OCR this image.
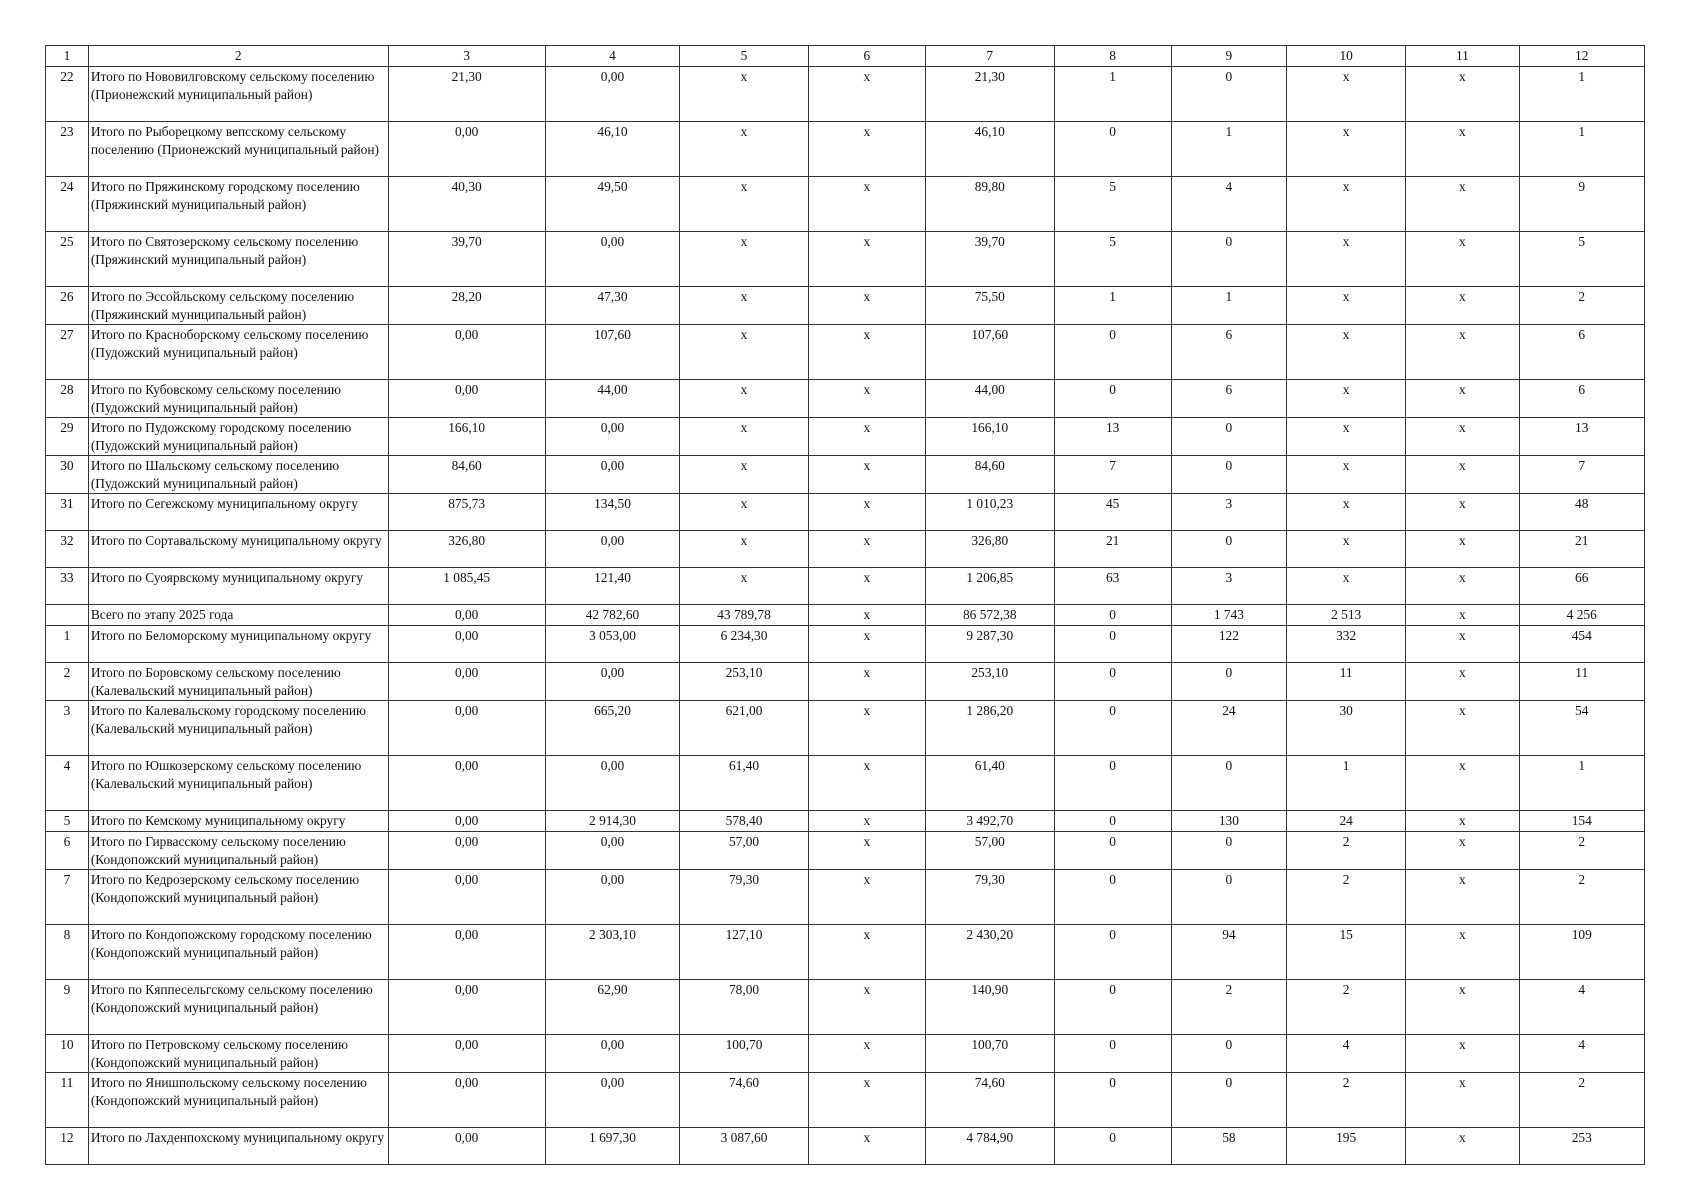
1	2	3	4	5	6	7	8	9	10	11	12
22	Итого по Нововилговскому сельскому поселению (Прионежский муниципальный район)	21,30	0,00	x	x	21,30	1	0	x	x	1
23	Итого по Рыборецкому вепсскому сельскому поселению (Прионежский муниципальный район)	0,00	46,10	x	x	46,10	0	1	x	x	1
24	Итого по Пряжинскому городскому поселению (Пряжинский муниципальный район)	40,30	49,50	x	x	89,80	5	4	x	x	9
25	Итого по Святозерскому сельскому поселению (Пряжинский муниципальный район)	39,70	0,00	x	x	39,70	5	0	x	x	5
26	Итого по Эссойльскому сельскому поселению (Пряжинский муниципальный район)	28,20	47,30	x	x	75,50	1	1	x	x	2
27	Итого по Красноборскому сельскому поселению (Пудожский муниципальный район)	0,00	107,60	x	x	107,60	0	6	x	x	6
28	Итого по Кубовскому сельскому поселению (Пудожский муниципальный район)	0,00	44,00	x	x	44,00	0	6	x	x	6
29	Итого по Пудожскому городскому поселению (Пудожский муниципальный район)	166,10	0,00	x	x	166,10	13	0	x	x	13
30	Итого по Шальскому сельскому поселению (Пудожский муниципальный район)	84,60	0,00	x	x	84,60	7	0	x	x	7
31	Итого по Сегежскому муниципальному округу	875,73	134,50	x	x	1 010,23	45	3	x	x	48
32	Итого по Сортавальскому муниципальному округу	326,80	0,00	x	x	326,80	21	0	x	x	21
33	Итого по Суоярвскому муниципальному округу	1 085,45	121,40	x	x	1 206,85	63	3	x	x	66
	Всего по этапу 2025 года	0,00	42 782,60	43 789,78	x	86 572,38	0	1 743	2 513	x	4 256
1	Итого по Беломорскому муниципальному округу	0,00	3 053,00	6 234,30	x	9 287,30	0	122	332	x	454
2	Итого по Боровскому сельскому поселению (Калевальский муниципальный район)	0,00	0,00	253,10	x	253,10	0	0	11	x	11
3	Итого по Калевальскому городскому поселению (Калевальский муниципальный район)	0,00	665,20	621,00	x	1 286,20	0	24	30	x	54
4	Итого по Юшкозерскому сельскому поселению (Калевальский муниципальный район)	0,00	0,00	61,40	x	61,40	0	0	1	x	1
5	Итого по Кемскому муниципальному округу	0,00	2 914,30	578,40	x	3 492,70	0	130	24	x	154
6	Итого по Гирвасскому сельскому поселению (Кондопожский муниципальный район)	0,00	0,00	57,00	x	57,00	0	0	2	x	2
7	Итого по Кедрозерскому сельскому поселению (Кондопожский муниципальный район)	0,00	0,00	79,30	x	79,30	0	0	2	x	2
8	Итого по Кондопожскому городскому поселению (Кондопожский муниципальный район)	0,00	2 303,10	127,10	x	2 430,20	0	94	15	x	109
9	Итого по Кяппесельгскому сельскому поселению (Кондопожский муниципальный район)	0,00	62,90	78,00	x	140,90	0	2	2	x	4
10	Итого по Петровскому сельскому поселению (Кондопожский муниципальный район)	0,00	0,00	100,70	x	100,70	0	0	4	x	4
11	Итого по Янишпольскому сельскому поселению (Кондопожский муниципальный район)	0,00	0,00	74,60	x	74,60	0	0	2	x	2
12	Итого по Лахденпохскому муниципальному округу	0,00	1 697,30	3 087,60	x	4 784,90	0	58	195	x	253
